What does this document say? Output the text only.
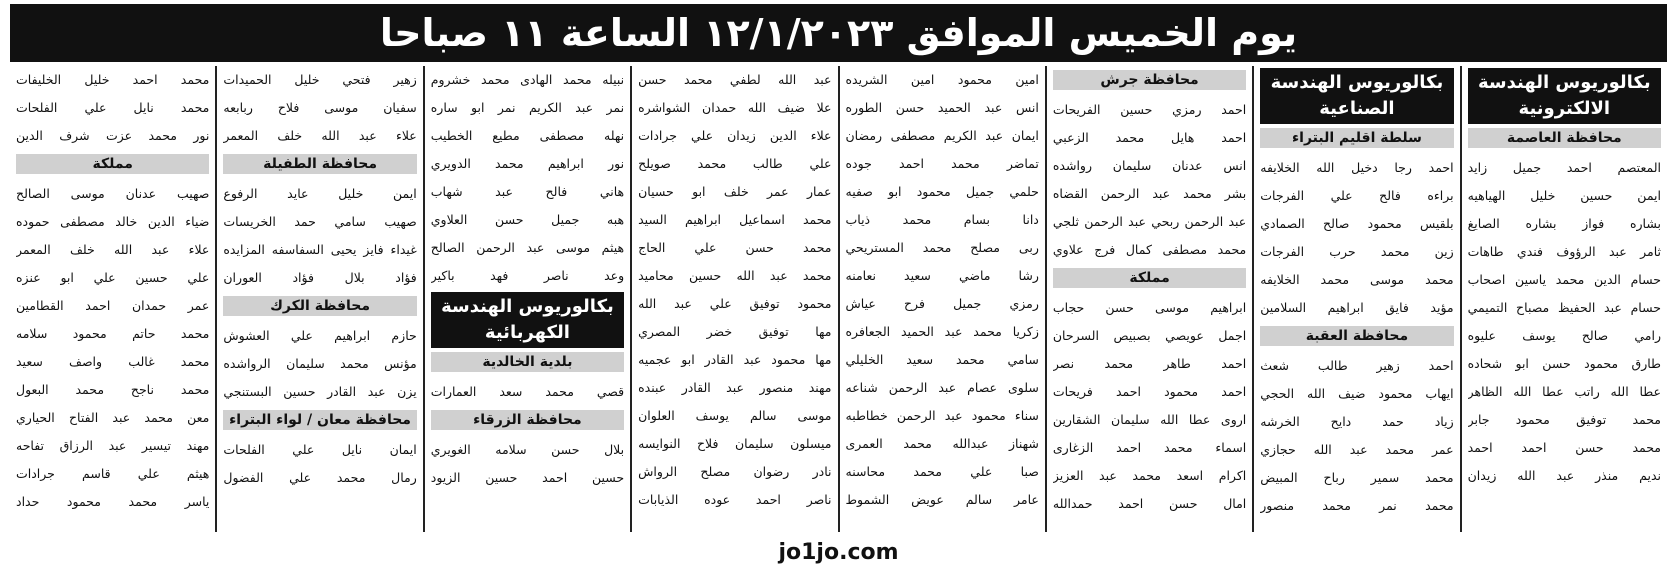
يوم الخميس الموافق ١٢/١/٢٠٢٣ الساعة ١١ صباحا
بكالوريوس الهندسة الالكترونية
محافظة العاصمة
المعتصم احمد جميل زايد
ايمن حسين خليل الهياهيه
بشاره فواز بشاره الصايغ
ثامر عبد الرؤوف فندي طاهات
حسام الدين محمد ياسين اصحاب
حسام عبد الحفيظ مصباح التميمي
رامي صالح يوسف عليوه
طارق محمود حسن ابو شحاده
عطا الله راتب عطا الله الظاهر
محمد توفيق محمود جابر
محمد حسن احمد احمد
نديم منذر عبد الله زيدان
بكالوريوس الهندسة الصناعية
سلطة اقليم البتراء
احمد رجا دخيل الله الخلايفه
براءه فالح علي الفرجات
بلقيس محمود صالح الصمادي
زين محمد حرب الفرجات
محمد موسى محمد الخلايفه
مؤيد فايق ابراهيم السلامين
محافظة العقبة
احمد زهير طالب شعث
ايهاب محمود ضيف الله الحجي
زياد حمد دايح الخرشه
عمر محمد عبد الله حجازي
محمد سمير رباح المبيض
محمد نمر محمد منصور
محافظة جرش
احمد رمزي حسين الفريحات
احمد هايل محمد الزعبي
انس عدنان سليمان رواشده
بشر محمد عبد الرحمن القضاه
عبد الرحمن ربحي عبد الرحمن ثلجي
محمد مصطفى كمال فرج علاوي
مملكة
ابراهيم موسى حسن حجاب
اجمل عويصي بصبيص السرحان
احمد طاهر محمد نصر
احمد محمود احمد فريحات
اروى عطا الله سليمان الشقارين
اسماء محمد احمد الزغارى
اكرام اسعد محمد عبد العزيز
امال حسن احمد حمدالله
امين محمود امين الشريده
انس عبد الحميد حسن الطوره
ايمان عبد الكريم مصطفى رمضان
تماضر محمد احمد جوده
حلمي جميل محمود ابو صفيه
دانا بسام محمد ذياب
ربى مصلح محمد المستريحي
رشا ماضي سعيد نعامنه
رمزي جميل فرح عياش
زكريا محمد عبد الحميد الجعافره
سامي محمد سعيد الخليلي
سلوى عصام عبد الرحمن شناعه
سناء محمود عبد الرحمن خطاطبه
شهناز عبدالله محمد العمرى
صبا علي محمد محاسنه
عامر سالم عويض الشموط
عبد الله لطفي محمد حسن
علا ضيف الله حمدان الشواشره
علاء الدين زيدان علي جرادات
علي طالب محمد صويلح
عمار عمر خلف ابو حسيان
محمد اسماعيل ابراهيم السيد
محمد حسن علي الحاج
محمد عبد الله حسين محاميد
محمود توفيق علي عبد الله
مها توفيق خضر المصري
مها محمود عبد القادر ابو عجميه
مهند منصور عبد القادر عبنده
موسى سالم يوسف العلوان
ميسلون سليمان فلاح النوايسه
نادر رضوان مصلح الرواش
ناصر احمد عوده الذيابات
نبيله محمد الهادى محمد خشروم
نمر عبد الكريم نمر ابو ساره
نهله مصطفى مطيع الخطيب
نور ابراهيم محمد الدويري
هاني فالح عبد شهاب
هبه جميل حسن العلاوي
هيثم موسى عبد الرحمن الصالح
وعد ناصر فهد باكير
بكالوريوس الهندسة الكهربائية
بلدية الخالدية
قصي محمد سعد العمارات
محافظة الزرقاء
بلال حسن سلامه الغويري
حسين احمد حسين الزيود
زهير فتحي خليل الحميدات
سفيان موسى فلاح ربابعه
علاء عبد الله خلف المعمر
محافظة الطفيلة
ايمن خليل عايد الرفوع
صهيب سامي حمد الخريسات
غيداء فايز يحيى السفاسفه المزايده
فؤاد بلال فؤاد العوران
محافظة الكرك
حازم ابراهيم علي العشوش
مؤنس محمد سليمان الرواشده
يزن عبد القادر حسين البستنجي
محافظة معان / لواء البتراء
ايمان نايل علي الفلحات
رمال محمد علي الفضول
محمد احمد خليل الخليفات
محمد نايل علي الفلحات
نور محمد عزت شرف الدين
مملكة
صهيب عدنان موسى الصالح
ضياء الدين خالد مصطفى حموده
علاء عبد الله خلف المعمر
علي حسين علي ابو عنزه
عمر حمدان احمد القطامين
محمد حاتم محمود سلامه
محمد غالب واصف سعيد
محمد ناجح محمد البعول
معن محمد عبد الفتاح الحياري
مهند تيسير عبد الرزاق تفاحه
هيثم علي قاسم جرادات
ياسر محمد محمود حداد
jo1jo.com
